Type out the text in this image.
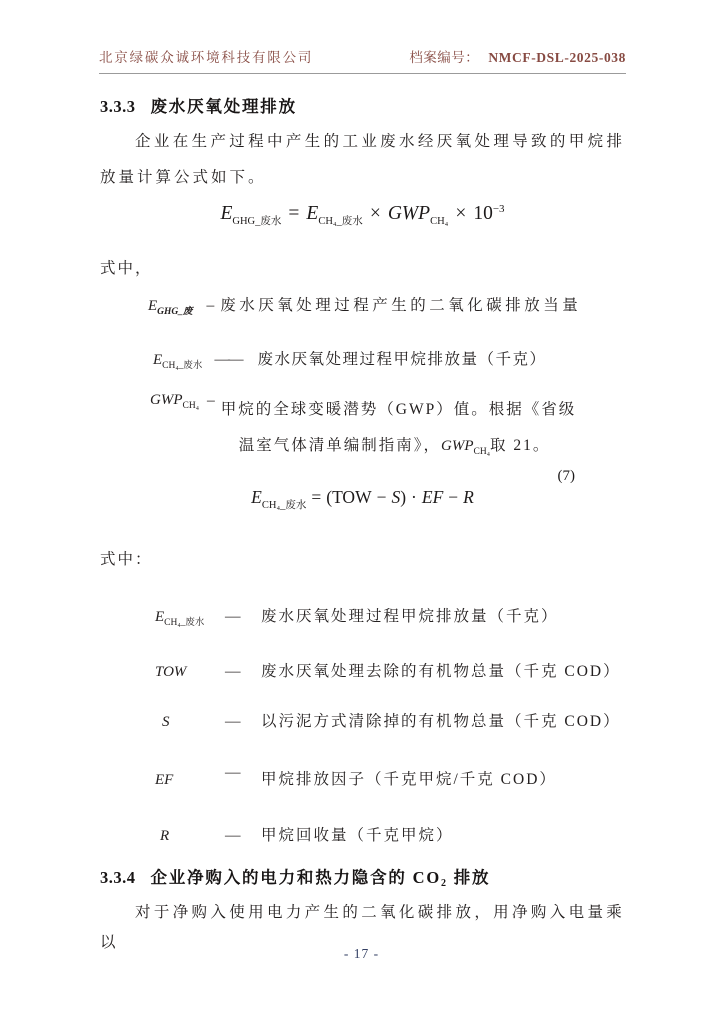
北京绿碳众诚环境科技有限公司	档案编号： NMCF-DSL-2025-038
3.3.3 废水厌氧处理排放

企业在生产过程中产生的工业废水经厌氧处理导致的甲烷排放量计算公式如下。

$E_{GHG\_废水} = E_{CH_4\_废水} \times GWP_{CH_4} \times 10^{-3}$
式中，
$E_{GHG\_废}$ – 废水厌氧处理过程产生的二氧化碳排放当量
$E_{CH_4\_废水}$ —— 废水厌氧处理过程甲烷排放量（千克）
$GWP_{CH_4}$ –
甲烷的全球变暖潜势（GWP）值。根据《省级
温室气体清单编制指南》，$GWP_{CH_4}$取 21。
(7)
$E_{CH_4\_废水} = (TOW - S)$ · EF − R
式中：
$E_{CH_4\_废水}$	—	废水厌氧处理过程甲烷排放量（千克）
TOW	—	废水厌氧处理去除的有机物总量（千克 COD）
S	—	以污泥方式清除掉的有机物总量（千克 COD）
EF	—	甲烷排放因子（千克甲烷/千克 COD）
R	—	甲烷回收量（千克甲烷）
3.3.4 企业净购入的电力和热力隐含的 $CO_2$ 排放

对于净购入使用电力产生的二氧化碳排放，用净购入电量乘以

- 17 -
